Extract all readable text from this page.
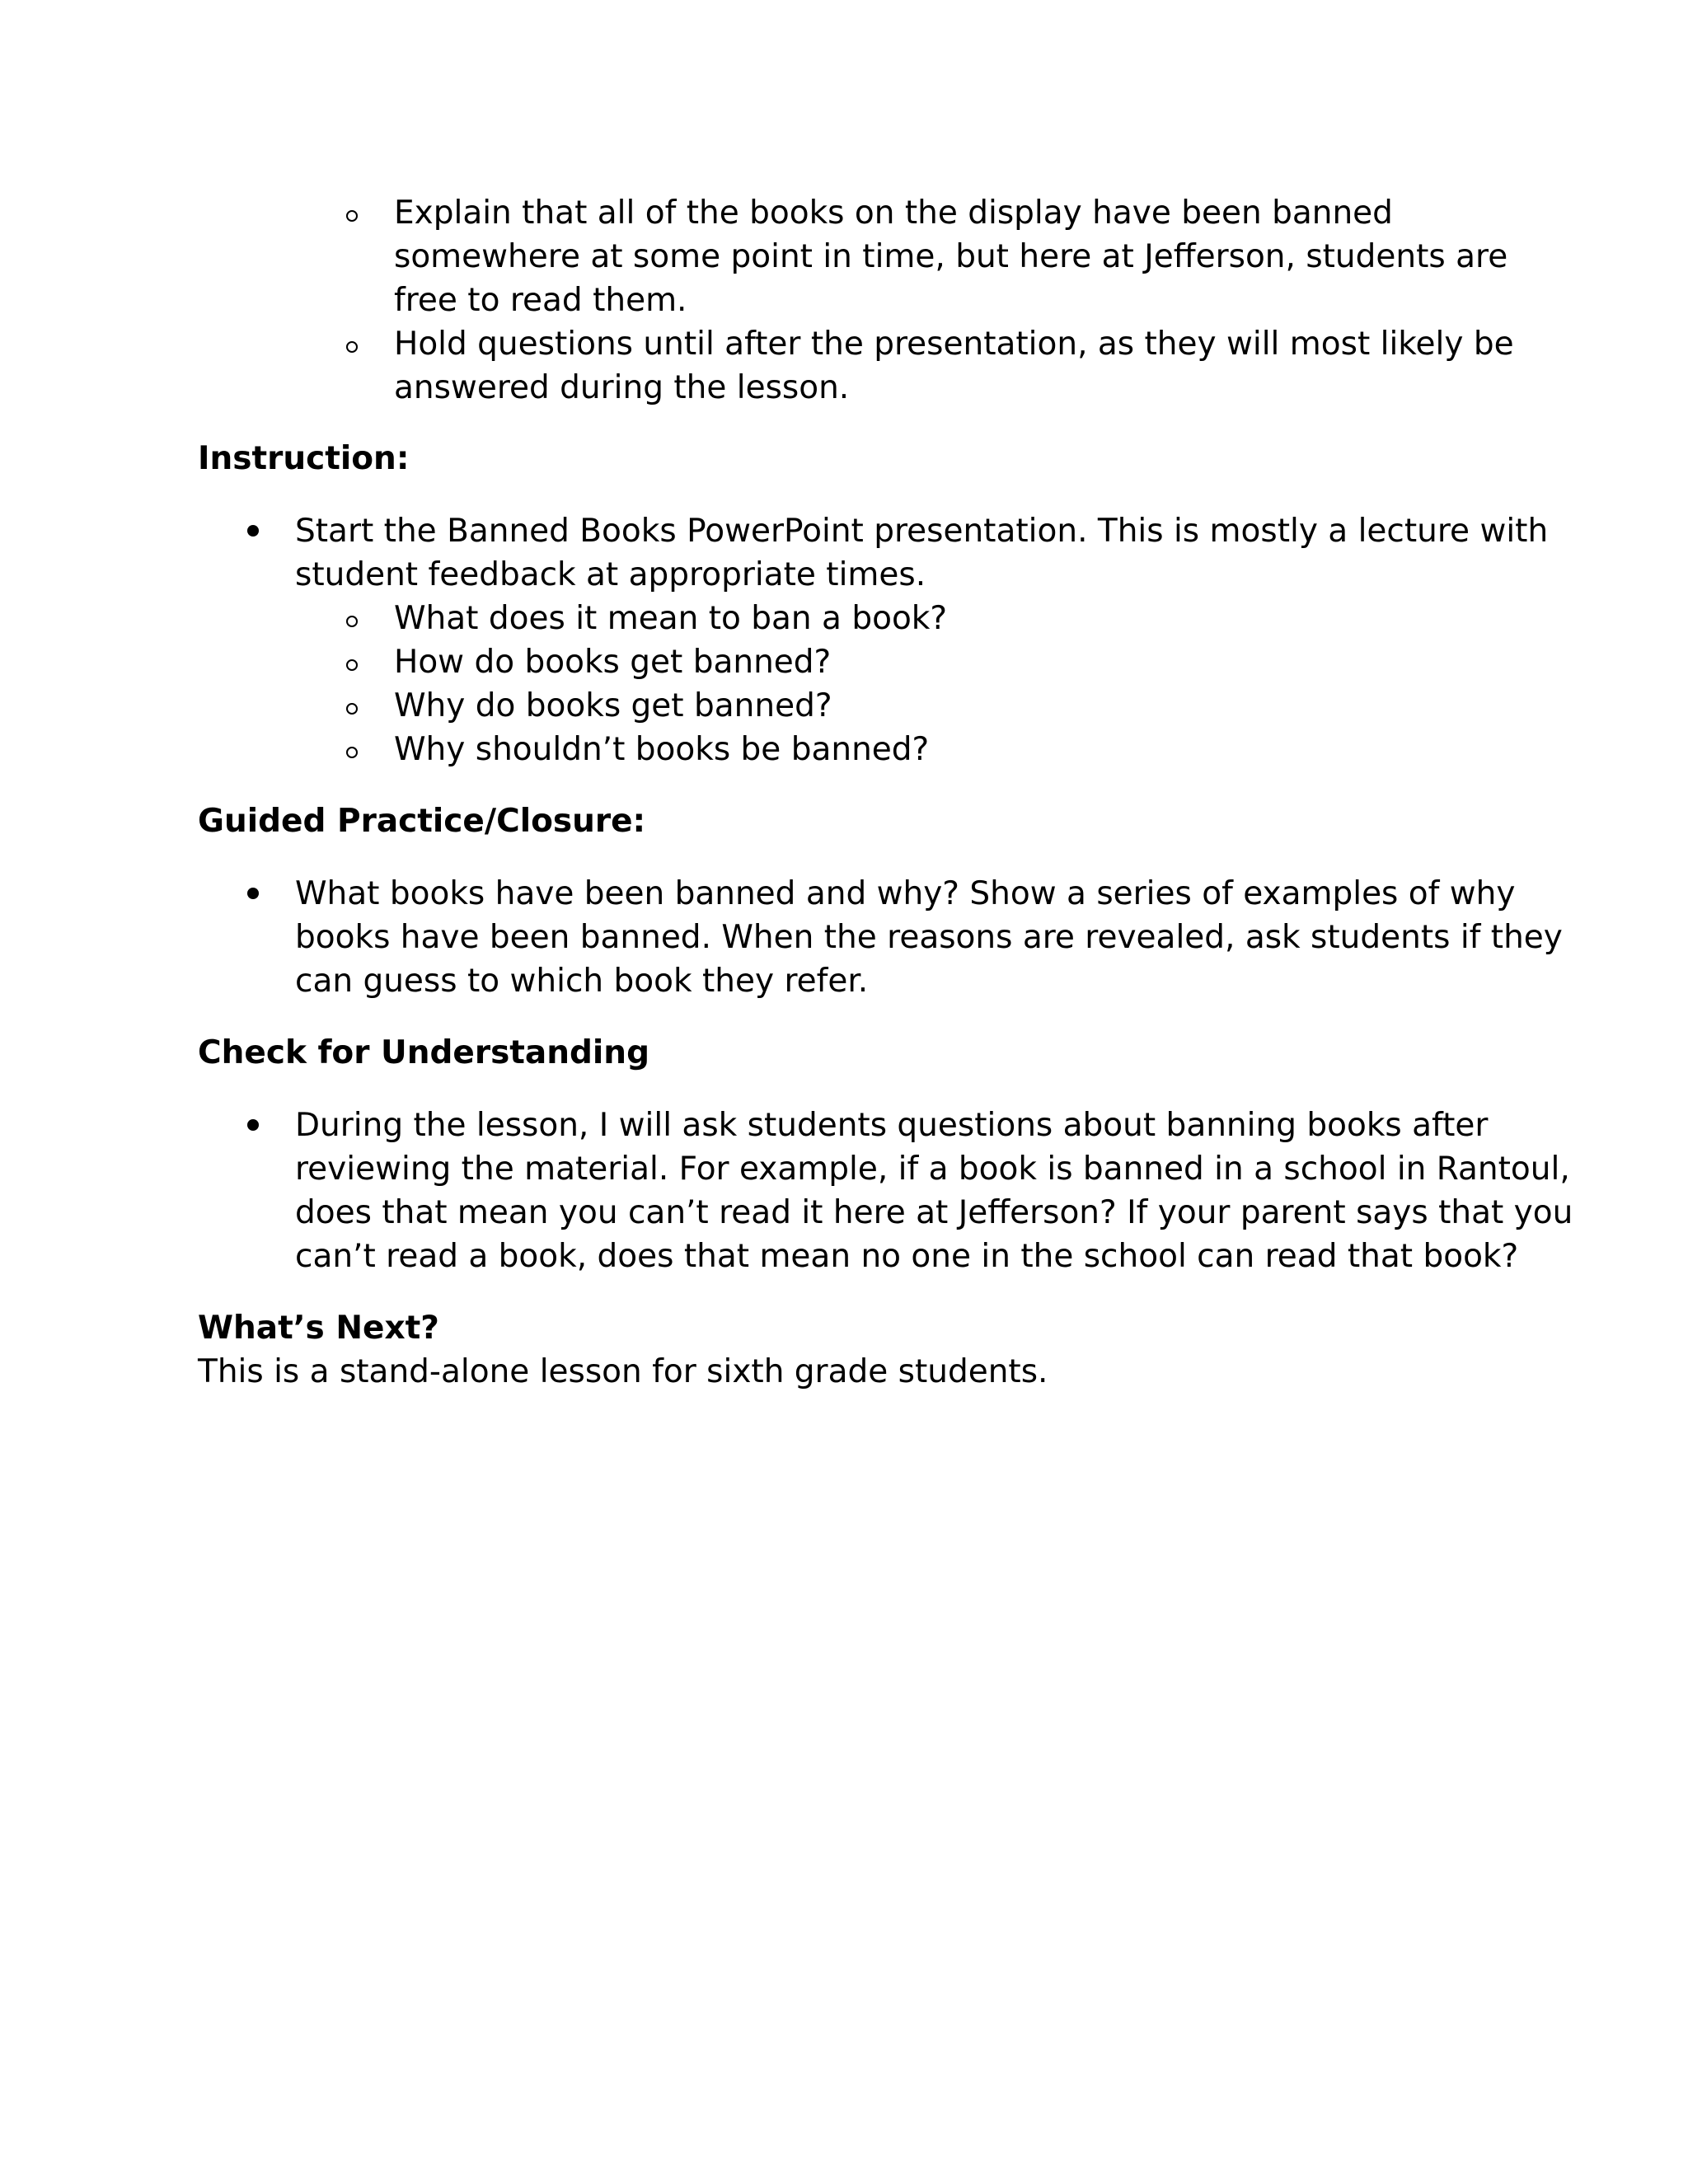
Explain that all of the books on the display have been banned
somewhere at some point in time, but here at Jefferson, students are
free to read them.
Hold questions until after the presentation, as they will most likely be
answered during the lesson.
Instruction:
Start the Banned Books PowerPoint presentation. This is mostly a lecture with
student feedback at appropriate times.
What does it mean to ban a book?
How do books get banned?
Why do books get banned?
Why shouldn’t books be banned?
Guided Practice/Closure:
What books have been banned and why? Show a series of examples of why
books have been banned. When the reasons are revealed, ask students if they
can guess to which book they refer.
Check for Understanding
During the lesson, I will ask students questions about banning books after
reviewing the material. For example, if a book is banned in a school in Rantoul,
does that mean you can’t read it here at Jefferson? If your parent says that you
can’t read a book, does that mean no one in the school can read that book?
What’s Next?
This is a stand-alone lesson for sixth grade students.
